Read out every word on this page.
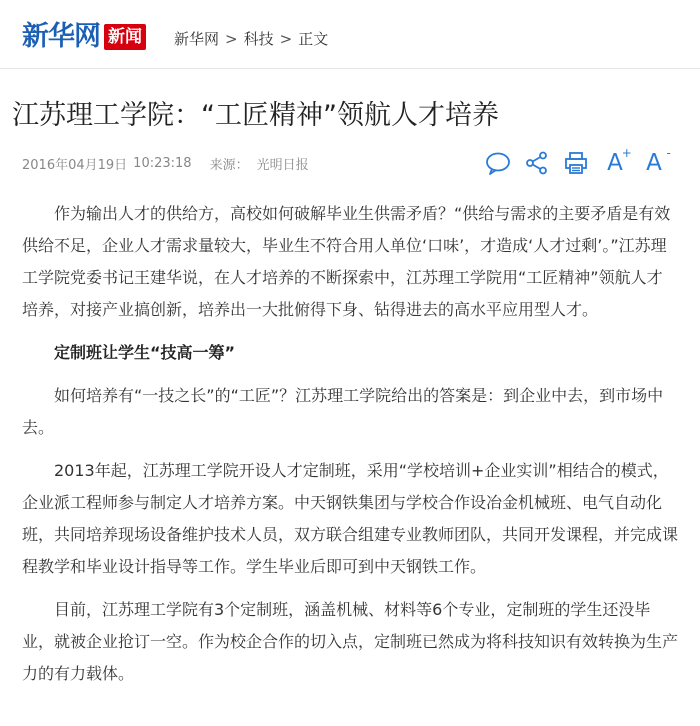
新华网 新闻 新华网 > 科技 > 正文
江苏理工学院：“工匠精神”领航人才培养
2016年04月19日 10:23:18 来源： 光明日报	A
+ A -

作为输出人才的供给方，高校如何破解毕业生供需矛盾？“供给与需求的主要矛盾是有效供给不足，企业人才需求量较大，毕业生不符合用人单位‘口味’，才造成‘人才过剩’。”江苏理工学院党委书记王建华说，在人才培养的不断探索中，江苏理工学院用“工匠精神”领航人才培养，对接产业搞创新，培养出一大批俯得下身、钻得进去的高水平应用型人才。

定制班让学生“技高一筹”

如何培养有“一技之长”的“工匠”？江苏理工学院给出的答案是：到企业中去，到市场中去。

2013年起，江苏理工学院开设人才定制班，采用“学校培训+企业实训”相结合的模式，企业派工程师参与制定人才培养方案。中天钢铁集团与学校合作设冶金机械班、电气自动化班，共同培养现场设备维护技术人员，双方联合组建专业教师团队，共同开发课程，并完成课程教学和毕业设计指导等工作。学生毕业后即可到中天钢铁工作。

目前，江苏理工学院有3个定制班，涵盖机械、材料等6个专业，定制班的学生还没毕业，就被企业抢订一空。作为校企合作的切入点，定制班已然成为将科技知识有效转换为生产力的有力载体。
